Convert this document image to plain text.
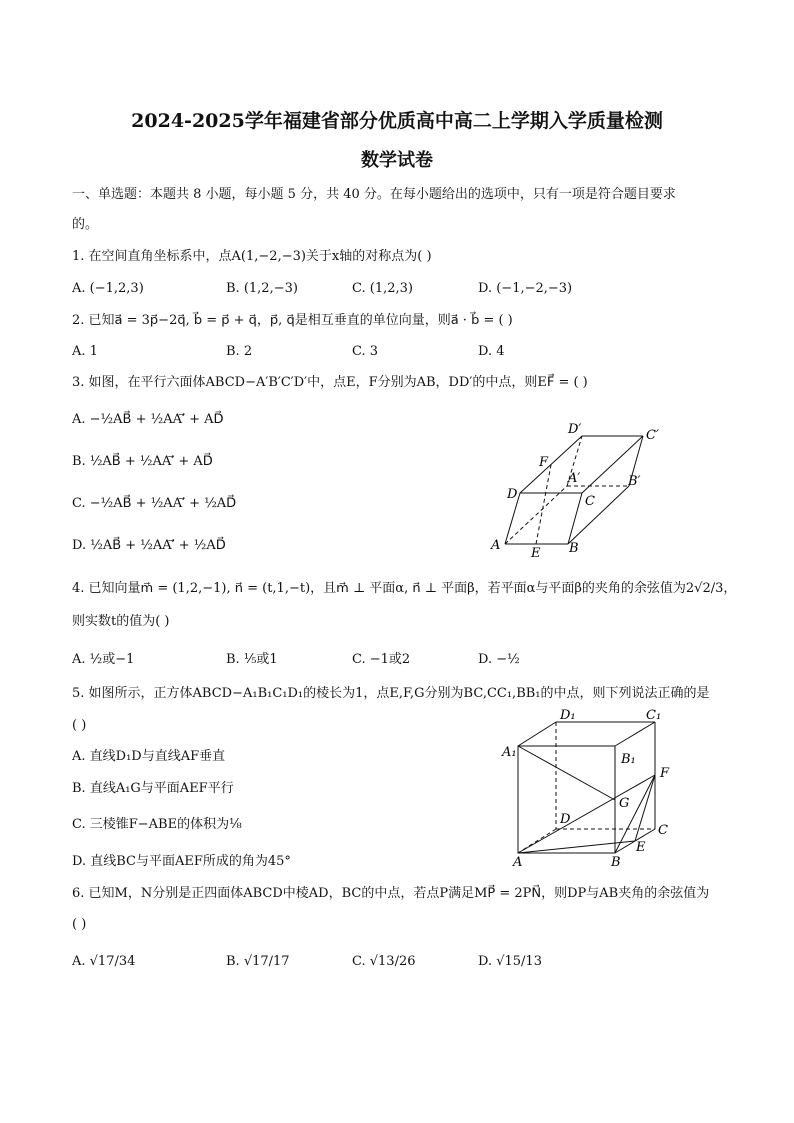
2024-2025学年福建省部分优质高中高二上学期入学质量检测
数学试卷
一、单选题：本题共 8 小题，每小题 5 分，共 40 分。在每小题给出的选项中，只有一项是符合题目要求
的。
1. 在空间直角坐标系中，点A(1,−2,−3)关于x轴的对称点为( )
A. (−1,2,3)	B. (1,2,−3)	C. (1,2,3)	D. (−1,−2,−3)
2. 已知a⃗ = 3p⃗−2q⃗, b⃗ = p⃗ + q⃗，p⃗, q⃗是相互垂直的单位向量，则a⃗ · b⃗ = ( )
A. 1	B. 2	C. 3	D. 4
3. 如图，在平行六面体ABCD−A′B′C′D′中，点E，F分别为AB，DD′的中点，则EF⃗ = ( )
A. −½AB⃗ + ½AA′⃗ + AD⃗
B. ½AB⃗ + ½AA′⃗ + AD⃗
C. −½AB⃗ + ½AA′⃗ + ½AD⃗
D. ½AB⃗ + ½AA′⃗ + ½AD⃗
D′	C′
F
A′	B′
D	C
A
E B
4. 已知向量m⃗ = (1,2,−1), n⃗ = (t,1,−t)，且m⃗ ⊥ 平面α, n⃗ ⊥ 平面β，若平面α与平面β的夹角的余弦值为2√2/3，
则实数t的值为( )
A. ½或−1	B. ⅕或1	C. −1或2	D. −½
5. 如图所示，正方体ABCD−A₁B₁C₁D₁的棱长为1，点E,F,G分别为BC,CC₁,BB₁的中点，则下列说法正确的是
( )
A. 直线D₁D与直线AF垂直
B. 直线A₁G与平面AEF平行
C. 三棱锥F−ABE的体积为⅛
D. 直线BC与平面AEF所成的角为45°
D₁	C₁
A₁	B₁
F
G
D
C
E
A	B
6. 已知M，N分别是正四面体ABCD中棱AD，BC的中点，若点P满足MP⃗ = 2PN⃗，则DP与AB夹角的余弦值为
( )
A. √17/34	B. √17/17	C. √13/26	D. √15/13
